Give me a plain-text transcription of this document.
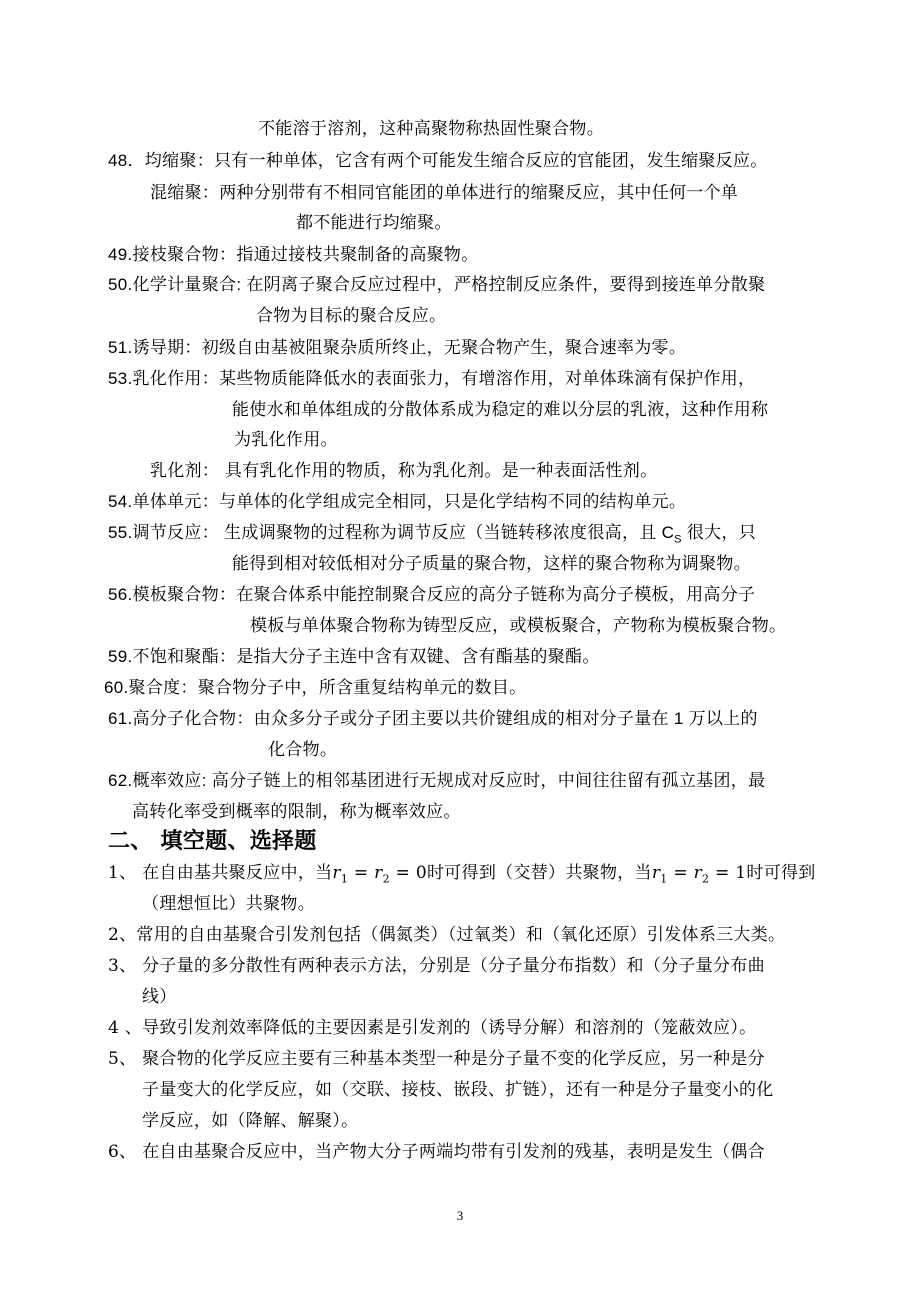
不能溶于溶剂，这种高聚物称热固性聚合物。
48．均缩聚：只有一种单体，它含有两个可能发生缩合反应的官能团，发生缩聚反应。
混缩聚：两种分别带有不相同官能团的单体进行的缩聚反应，其中任何一个单
都不能进行均缩聚。
49.接枝聚合物：指通过接枝共聚制备的高聚物。
50.化学计量聚合: 在阴离子聚合反应过程中，严格控制反应条件，要得到接连单分散聚
合物为目标的聚合反应。
51.诱导期：初级自由基被阻聚杂质所终止，无聚合物产生，聚合速率为零。
53.乳化作用：某些物质能降低水的表面张力，有增溶作用，对单体珠滴有保护作用，
能使水和单体组成的分散体系成为稳定的难以分层的乳液，这种作用称
为乳化作用。
乳化剂： 具有乳化作用的物质，称为乳化剂。是一种表面活性剂。
54.单体单元：与单体的化学组成完全相同，只是化学结构不同的结构单元。
55.调节反应： 生成调聚物的过程称为调节反应（当链转移浓度很高，且 $C_S$ 很大，只
能得到相对较低相对分子质量的聚合物，这样的聚合物称为调聚物。
56.模板聚合物：在聚合体系中能控制聚合反应的高分子链称为高分子模板，用高分子
模板与单体聚合物称为铸型反应，或模板聚合，产物称为模板聚合物。
59.不饱和聚酯：是指大分子主连中含有双键、含有酯基的聚酯。
60.聚合度：聚合物分子中，所含重复结构单元的数目。
61.高分子化合物：由众多分子或分子团主要以共价键组成的相对分子量在 1 万以上的
化合物。
62.概率效应: 高分子链上的相邻基团进行无规成对反应时，中间往往留有孤立基团，最
高转化率受到概率的限制，称为概率效应。
二、 填空题、选择题
1、 在自由基共聚反应中，当$r_1 = r_2 = 0$时可得到（交替）共聚物，当$r_1 = r_2 = 1$时可得到
（理想恒比）共聚物。
2、常用的自由基聚合引发剂包括（偶氮类）（过氧类）和（氧化还原）引发体系三大类。
3、 分子量的多分散性有两种表示方法，分别是（分子量分布指数）和（分子量分布曲
线）
4 、导致引发剂效率降低的主要因素是引发剂的（诱导分解）和溶剂的（笼蔽效应）。
5、 聚合物的化学反应主要有三种基本类型一种是分子量不变的化学反应，另一种是分
子量变大的化学反应，如（交联、接枝、嵌段、扩链），还有一种是分子量变小的化
学反应，如（降解、解聚）。
6、 在自由基聚合反应中，当产物大分子两端均带有引发剂的残基，表明是发生（偶合
3
